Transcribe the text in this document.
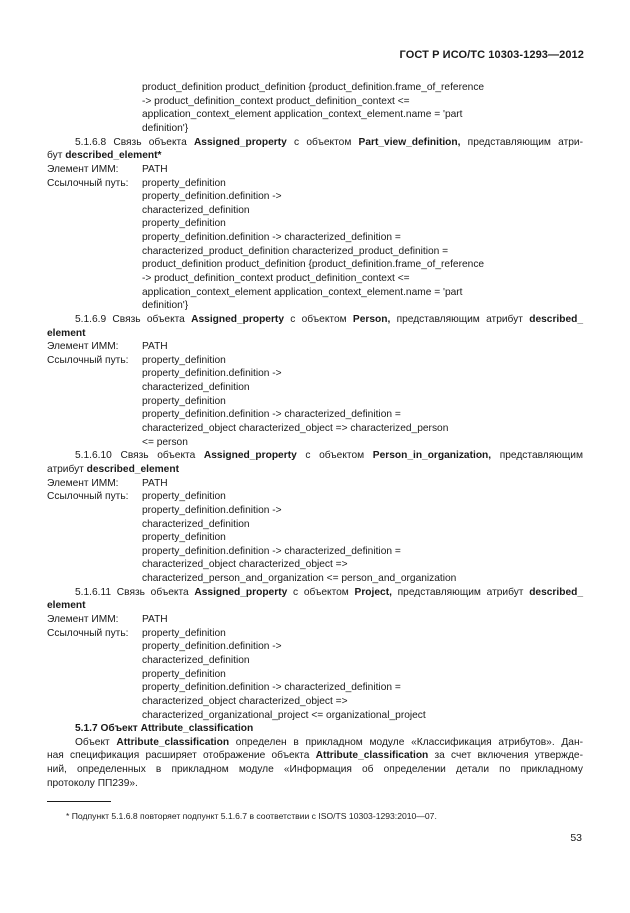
ГОСТ Р ИСО/ТС 10303-1293—2012
product_definition product_definition {product_definition.frame_of_reference
-> product_definition_context product_definition_context <=
application_context_element application_context_element.name = 'part
definition'}
5.1.6.8 Связь объекта Assigned_property с объектом Part_view_definition, представляющим атри-
бут described_element*
Элемент ИММ: PATH
Ссылочный путь: property_definition
property_definition.definition ->
characterized_definition
property_definition
property_definition.definition -> characterized_definition =
characterized_product_definition characterized_product_definition =
product_definition product_definition {product_definition.frame_of_reference
-> product_definition_context product_definition_context <=
application_context_element application_context_element.name = 'part
definition'}
5.1.6.9 Связь объекта Assigned_property с объектом Person, представляющим атрибут described_
element
Элемент ИММ: PATH
Ссылочный путь: property_definition
property_definition.definition ->
characterized_definition
property_definition
property_definition.definition -> characterized_definition =
characterized_object characterized_object => characterized_person
<= person
5.1.6.10 Связь объекта Assigned_property с объектом Person_in_organization, представляющим
атрибут described_element
Элемент ИММ: PATH
Ссылочный путь: property_definition
property_definition.definition ->
characterized_definition
property_definition
property_definition.definition -> characterized_definition =
characterized_object characterized_object =>
characterized_person_and_organization <= person_and_organization
5.1.6.11 Связь объекта Assigned_property с объектом Project, представляющим атрибут described_
element
Элемент ИММ: PATH
Ссылочный путь: property_definition
property_definition.definition ->
characterized_definition
property_definition
property_definition.definition -> characterized_definition =
characterized_object characterized_object =>
characterized_organizational_project <= organizational_project
5.1.7 Объект Attribute_classification
Объект Attribute_classification определен в прикладном модуле «Классификация атрибутов». Дан-
ная спецификация расширяет отображение объекта Attribute_classification за счет включения утвержде-
ний, определенных в прикладном модуле «Информация об определении детали по прикладному
протоколу ПП239».
* Подпункт 5.1.6.8 повторяет подпункт 5.1.6.7 в соответствии с ISO/TS 10303-1293:2010—07.
53
